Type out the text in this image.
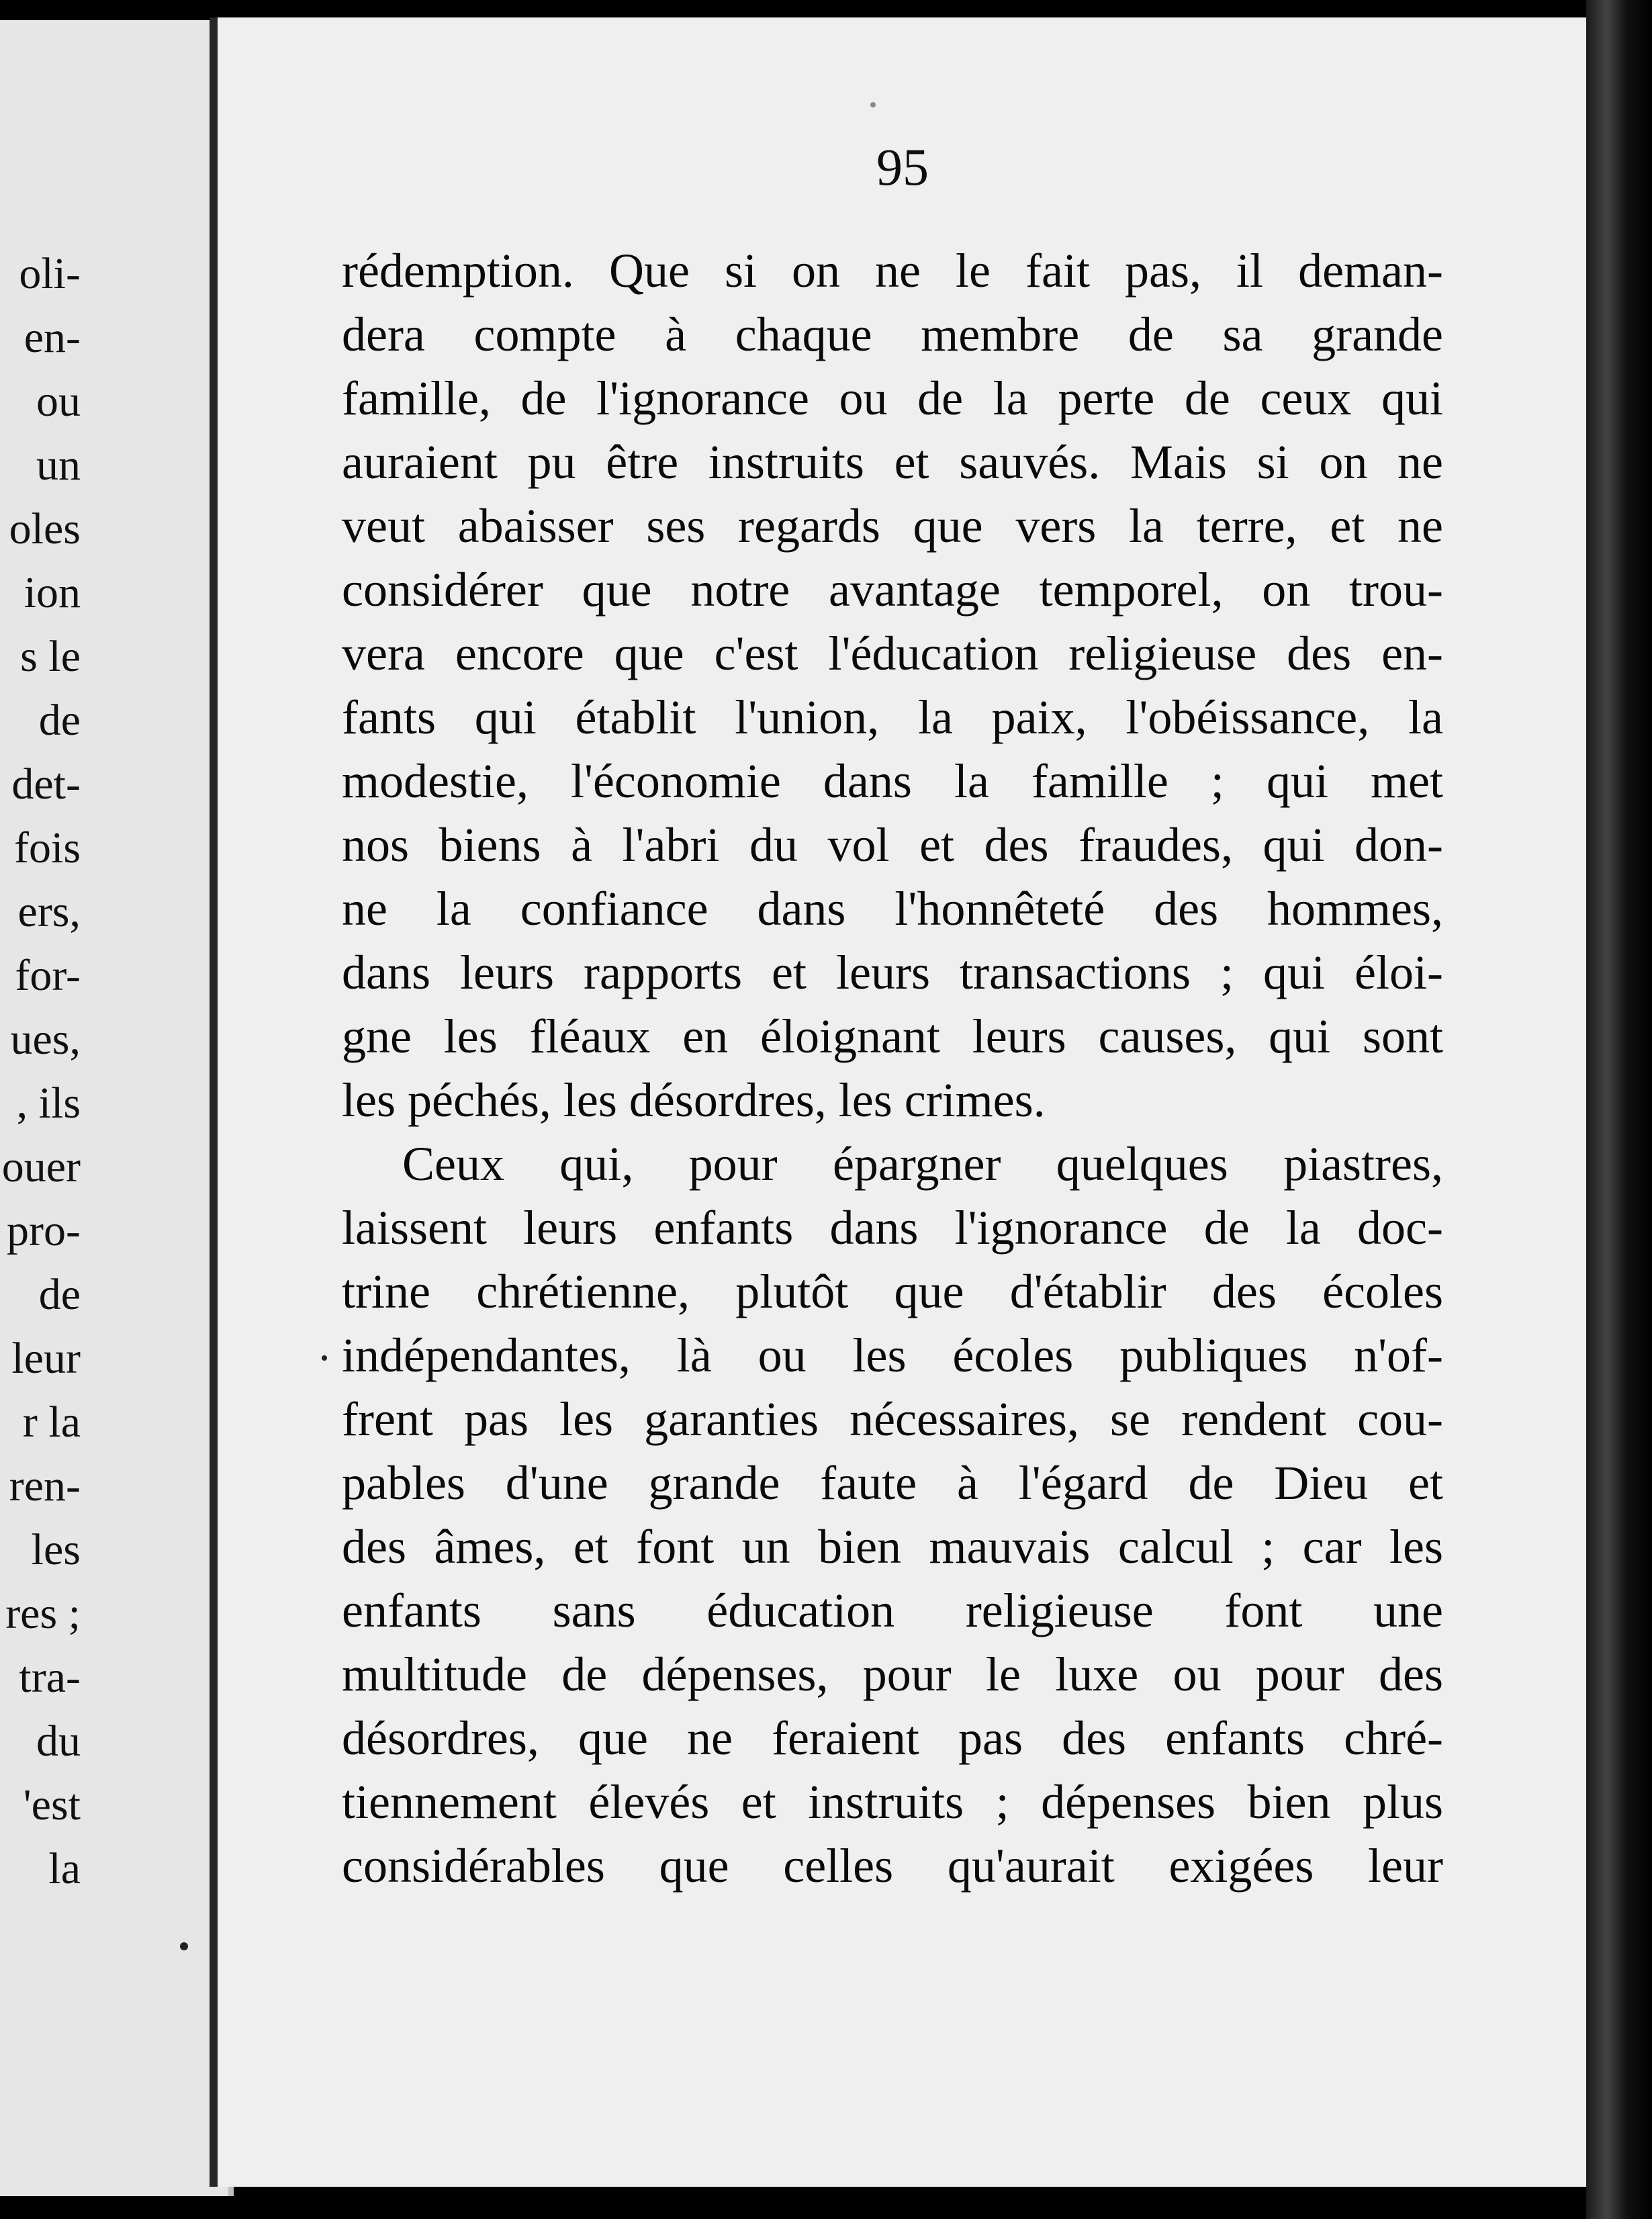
oli-
en-
ou
un
oles
ion
s le
de
det-
fois
ers,
for-
ues,
, ils
ouer
pro-
de
leur
r la
ren-
les
res ;
tra-
du
'est
la
95
rédemption. Que si on ne le fait pas, il deman-
dera compte à chaque membre de sa grande
famille, de l'ignorance ou de la perte de ceux qui
auraient pu être instruits et sauvés. Mais si on ne
veut abaisser ses regards que vers la terre, et ne
considérer que notre avantage temporel, on trou-
vera encore que c'est l'éducation religieuse des en-
fants qui établit l'union, la paix, l'obéissance, la
modestie, l'économie dans la famille ; qui met
nos biens à l'abri du vol et des fraudes, qui don-
ne la confiance dans l'honnêteté des hommes,
dans leurs rapports et leurs transactions ; qui éloi-
gne les fléaux en éloignant leurs causes, qui sont
les péchés, les désordres, les crimes.
Ceux qui, pour épargner quelques piastres,
laissent leurs enfants dans l'ignorance de la doc-
trine chrétienne, plutôt que d'établir des écoles
indépendantes, là ou les écoles publiques n'of-
frent pas les garanties nécessaires, se rendent cou-
pables d'une grande faute à l'égard de Dieu et
des âmes, et font un bien mauvais calcul ; car les
enfants sans éducation religieuse font une
multitude de dépenses, pour le luxe ou pour des
désordres, que ne feraient pas des enfants chré-
tiennement élevés et instruits ; dépenses bien plus
considérables que celles qu'aurait exigées leur
